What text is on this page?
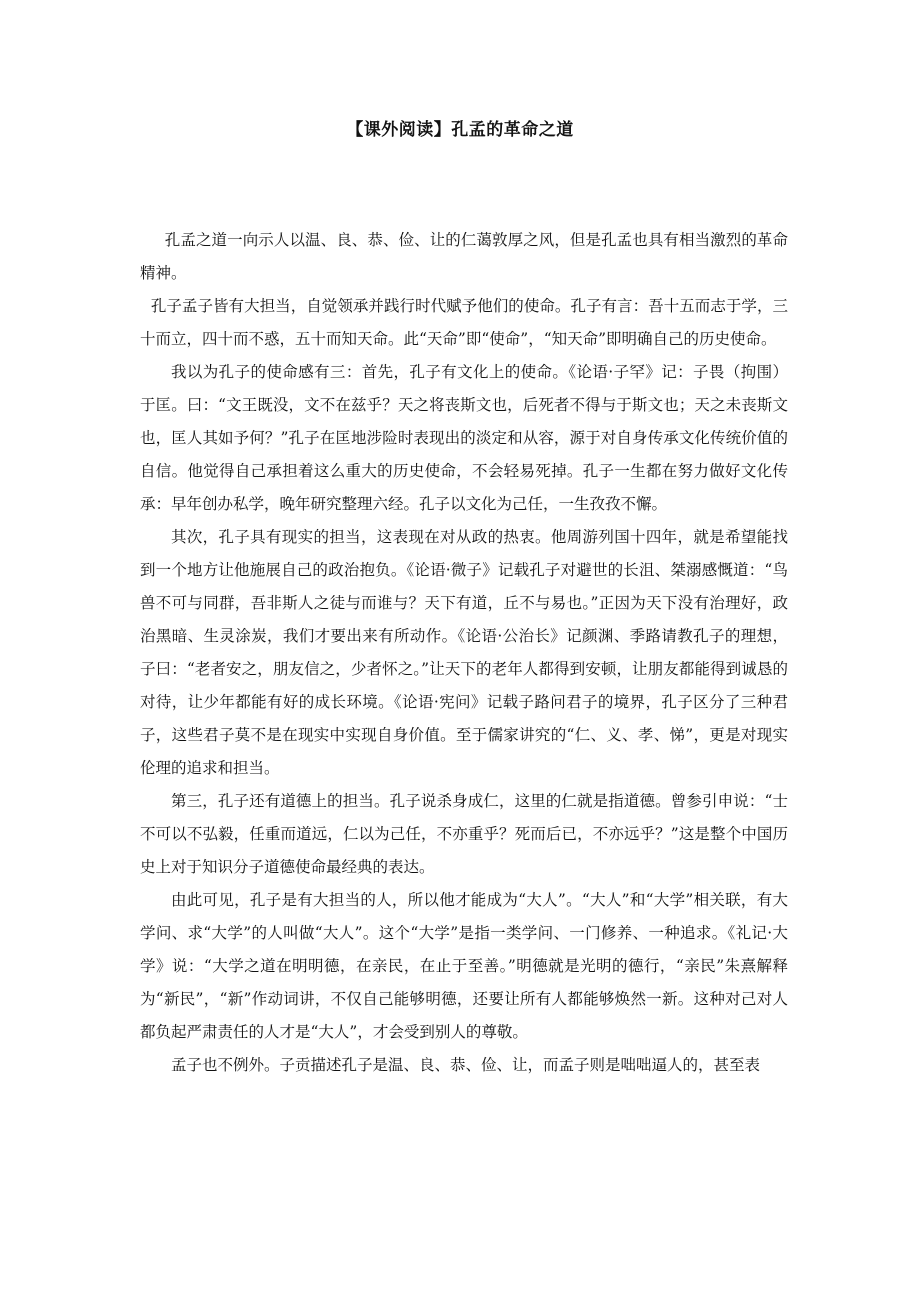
【课外阅读】孔孟的革命之道

孔孟之道一向示人以温、良、恭、俭、让的仁蔼敦厚之风，但是孔孟也具有相当激烈的革命精神。

孔子孟子皆有大担当，自觉领承并践行时代赋予他们的使命。孔子有言：吾十五而志于学，三十而立，四十而不惑，五十而知天命。此“天命”即“使命”，“知天命”即明确自己的历史使命。

我以为孔子的使命感有三：首先，孔子有文化上的使命。《论语·子罕》记：子畏（拘围）于匡。曰：“文王既没，文不在兹乎？天之将丧斯文也，后死者不得与于斯文也；天之未丧斯文也，匡人其如予何？”孔子在匡地涉险时表现出的淡定和从容，源于对自身传承文化传统价值的自信。他觉得自己承担着这么重大的历史使命，不会轻易死掉。孔子一生都在努力做好文化传承：早年创办私学，晚年研究整理六经。孔子以文化为己任，一生孜孜不懈。

其次，孔子具有现实的担当，这表现在对从政的热衷。他周游列国十四年，就是希望能找到一个地方让他施展自己的政治抱负。《论语·微子》记载孔子对避世的长沮、桀溺感慨道：“鸟兽不可与同群，吾非斯人之徒与而谁与？天下有道，丘不与易也。”正因为天下没有治理好，政治黑暗、生灵涂炭，我们才要出来有所动作。《论语·公治长》记颜渊、季路请教孔子的理想，子曰：“老者安之，朋友信之，少者怀之。”让天下的老年人都得到安顿，让朋友都能得到诚恳的对待，让少年都能有好的成长环境。《论语·宪问》记载子路问君子的境界，孔子区分了三种君子，这些君子莫不是在现实中实现自身价值。至于儒家讲究的“仁、义、孝、悌”，更是对现实伦理的追求和担当。

第三，孔子还有道德上的担当。孔子说杀身成仁，这里的仁就是指道德。曾参引申说：“士不可以不弘毅，任重而道远，仁以为己任，不亦重乎？死而后已，不亦远乎？”这是整个中国历史上对于知识分子道德使命最经典的表达。

由此可见，孔子是有大担当的人，所以他才能成为“大人”。“大人”和“大学”相关联，有大学问、求“大学”的人叫做“大人”。这个“大学”是指一类学问、一门修养、一种追求。《礼记·大学》说：“大学之道在明明德，在亲民，在止于至善。”明德就是光明的德行，“亲民”朱熹解释为“新民”，“新”作动词讲，不仅自己能够明德，还要让所有人都能够焕然一新。这种对己对人都负起严肃责任的人才是“大人”，才会受到别人的尊敬。

孟子也不例外。子贡描述孔子是温、良、恭、俭、让，而孟子则是咄咄逼人的，甚至表
